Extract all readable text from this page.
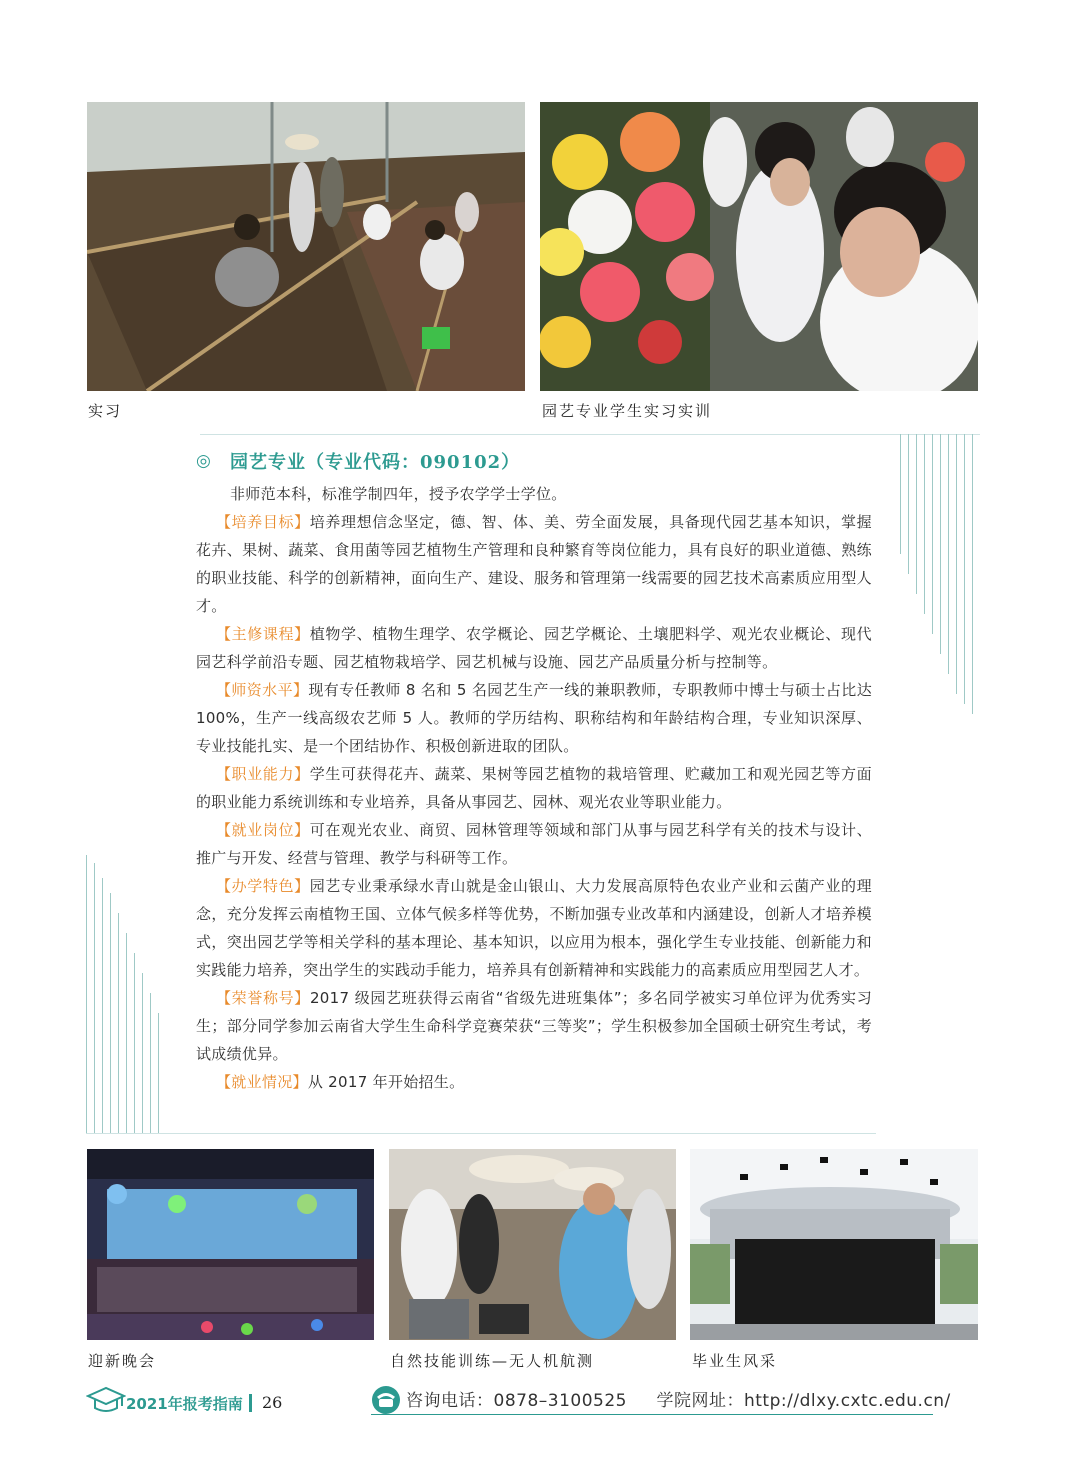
实习	园艺专业学生实习实训
◎	园艺专业（专业代码：090102）

非师范本科，标准学制四年，授予农学学士学位。

【培养目标】培养理想信念坚定，德、智、体、美、劳全面发展，具备现代园艺基本知识，掌握花卉、果树、蔬菜、食用菌等园艺植物生产管理和良种繁育等岗位能力，具有良好的职业道德、熟练的职业技能、科学的创新精神，面向生产、建设、服务和管理第一线需要的园艺技术高素质应用型人才。

【主修课程】植物学、植物生理学、农学概论、园艺学概论、土壤肥料学、观光农业概论、现代园艺科学前沿专题、园艺植物栽培学、园艺机械与设施、园艺产品质量分析与控制等。

【师资水平】现有专任教师 8 名和 5 名园艺生产一线的兼职教师，专职教师中博士与硕士占比达 100%，生产一线高级农艺师 5 人。教师的学历结构、职称结构和年龄结构合理，专业知识深厚、专业技能扎实、是一个团结协作、积极创新进取的团队。

【职业能力】学生可获得花卉、蔬菜、果树等园艺植物的栽培管理、贮藏加工和观光园艺等方面的职业能力系统训练和专业培养，具备从事园艺、园林、观光农业等职业能力。

【就业岗位】可在观光农业、商贸、园林管理等领域和部门从事与园艺科学有关的技术与设计、推广与开发、经营与管理、教学与科研等工作。

【办学特色】园艺专业秉承绿水青山就是金山银山、大力发展高原特色农业产业和云菌产业的理念，充分发挥云南植物王国、立体气候多样等优势，不断加强专业改革和内涵建设，创新人才培养模式，突出园艺学等相关学科的基本理论、基本知识，以应用为根本，强化学生专业技能、创新能力和实践能力培养，突出学生的实践动手能力，培养具有创新精神和实践能力的高素质应用型园艺人才。

【荣誉称号】2017 级园艺班获得云南省“省级先进班集体”；多名同学被实习单位评为优秀实习生；部分同学参加云南省大学生生命科学竞赛荣获“三等奖”；学生积极参加全国硕士研究生考试，考试成绩优异。

【就业情况】从 2017 年开始招生。

迎新晚会	自然技能训练—无人机航测	毕业生风采
2021年报考指南 26	咨询电话：0878–3100525     学院网址：http://dlxy.cxtc.edu.cn/
